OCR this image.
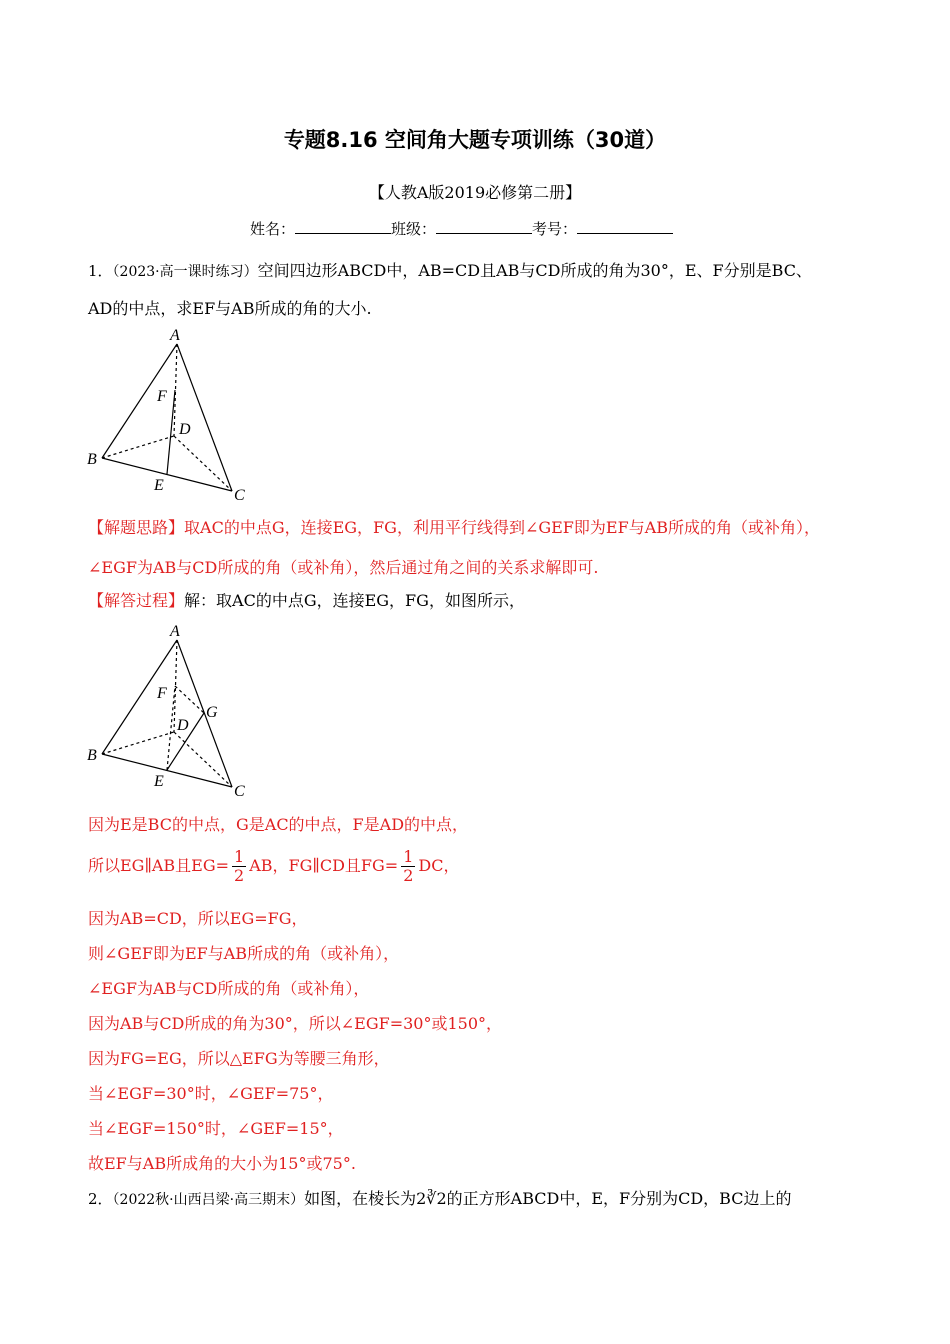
专题8.16 空间角大题专项训练（30道）
【人教A版2019必修第二册】
姓名：	班级：	考号：
1．（2023·高一课时练习）空间四边形ABCD中，AB=CD且AB与CD所成的角为30°，E、F分别是BC、
AD的中点，求EF与AB所成的角的大小.
A
B
C
D
E
F
【解题思路】取AC的中点G，连接EG，FG，利用平行线得到∠GEF即为EF与AB所成的角（或补角），
∠EGF为AB与CD所成的角（或补角），然后通过角之间的关系求解即可.
【解答过程】解：取AC的中点G，连接EG，FG，如图所示，
A
B
C
D
E
F
G
因为E是BC的中点，G是AC的中点，F是AD的中点，
所以EG∥AB且$EG= \frac{1}{2}$ AB，FG∥CD且$FG= \frac{1}{2}$ DC，
因为AB=CD，所以EG=FG，
则∠GEF即为EF与AB所成的角（或补角），
∠EGF为AB与CD所成的角（或补角），
因为AB与CD所成的角为30°，所以∠EGF=30°或150°，
因为FG=EG，所以△EFG为等腰三角形，
当∠EGF=30°时，∠GEF=75°，
当∠EGF=150°时，∠GEF=15°，
故EF与AB所成角的大小为15°或75°.
2．（2022秋·山西吕梁·高三期末）如图，在棱长为2∛2的正方形ABCD中，E，F分别为CD，BC边上的
